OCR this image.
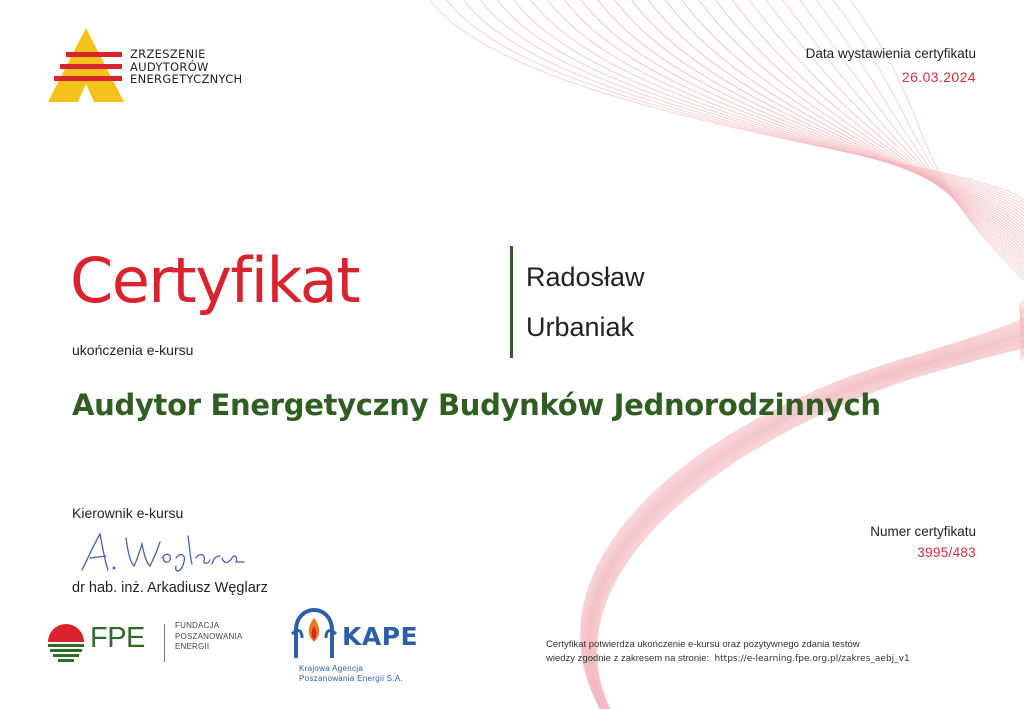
ZRZESZENIE
AUDYTORÓW
ENERGETYCZNYCH
Data wystawienia certyfikatu
26.03.2024
Certyfikat
ukończenia e-kursu
Radosław
Urbaniak
Audytor Energetyczny Budynków Jednorodzinnych
Kierownik e-kursu
dr hab. inż. Arkadiusz Węglarz
Numer certyfikatu
3995/483
FPE	FUNDACJA
POSZANOWANIA
ENERGII	KAPE
Krajowa Agencja
Poszanowania Energii S.A.
Certyfikat potwierdza ukończenie e-kursu oraz pozytywnego zdania testów
wiedzy zgodnie z zakresem na stronie: https://e-learning.fpe.org.pl/zakres_aebj_v1
